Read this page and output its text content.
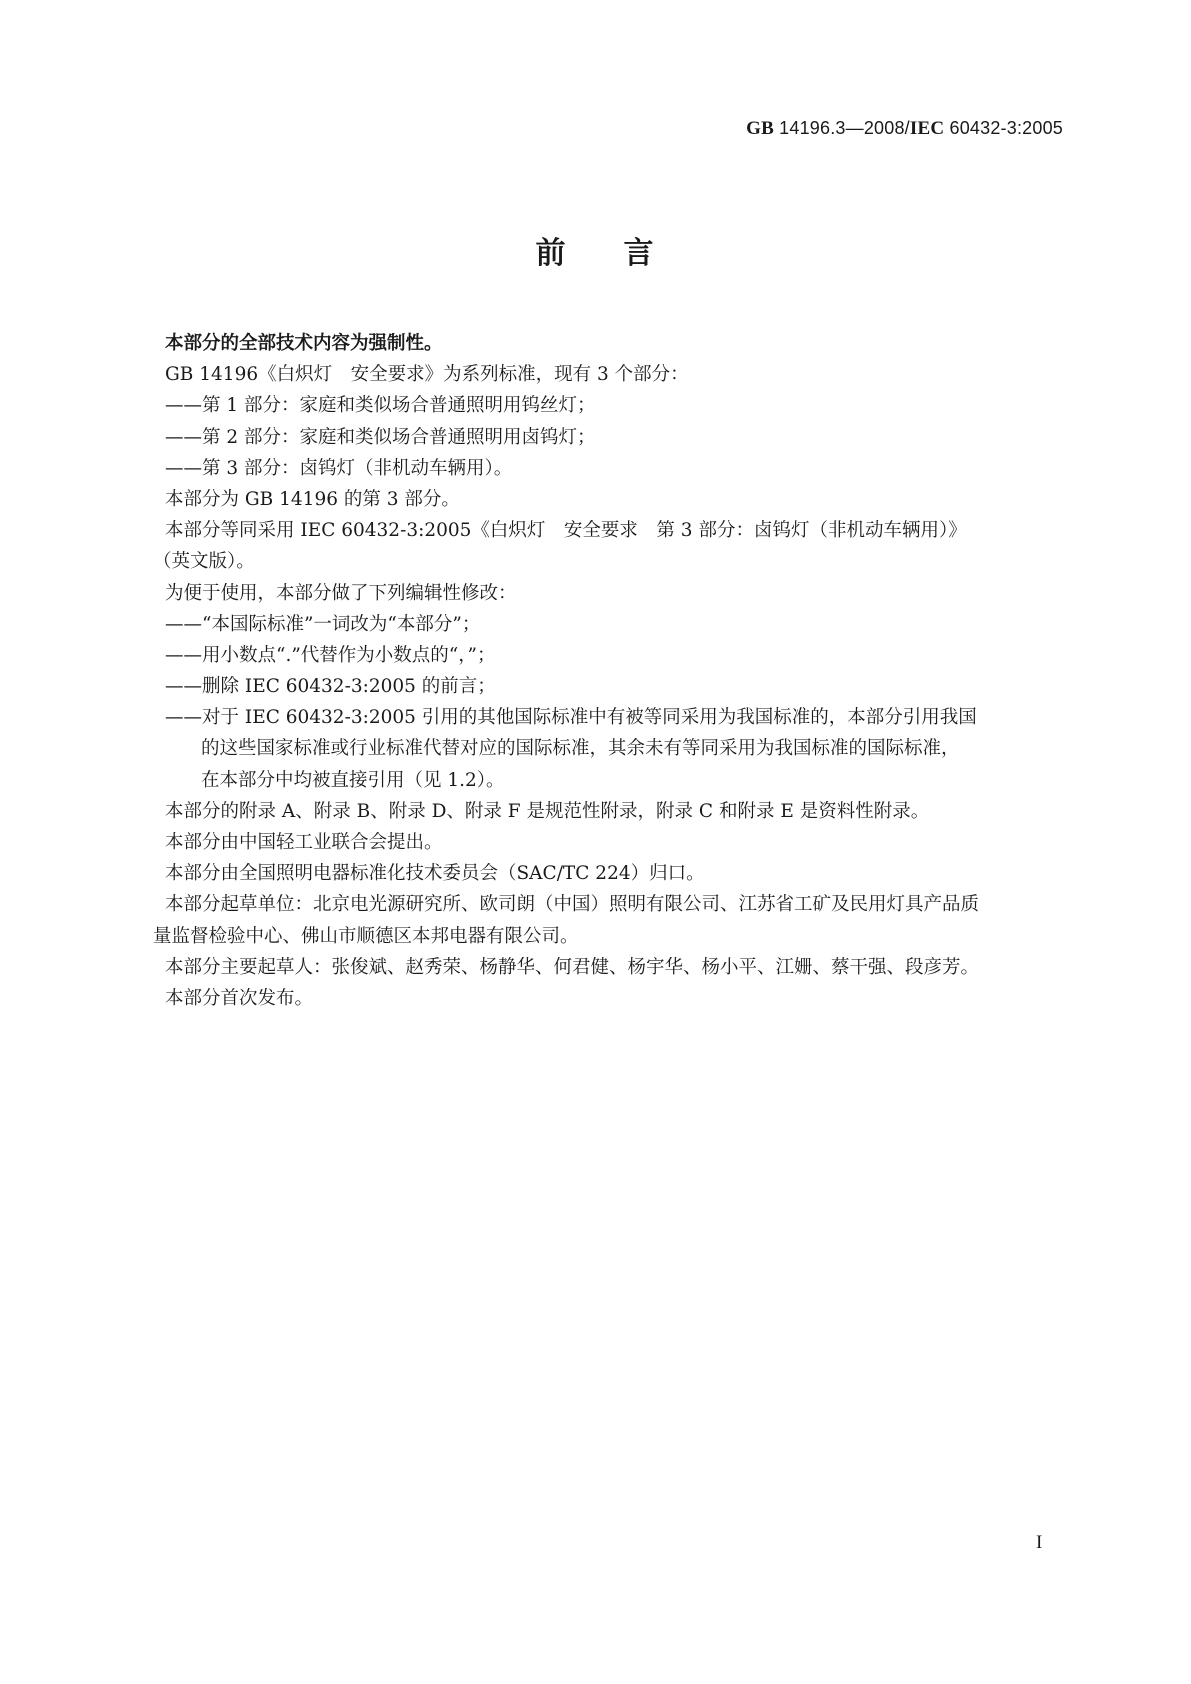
GB 14196.3—2008/IEC 60432-3:2005
前 言
本部分的全部技术内容为强制性。
GB 14196《白炽灯　安全要求》为系列标准，现有 3 个部分：
——第 1 部分：家庭和类似场合普通照明用钨丝灯；
——第 2 部分：家庭和类似场合普通照明用卤钨灯；
——第 3 部分：卤钨灯（非机动车辆用）。
本部分为 GB 14196 的第 3 部分。
本部分等同采用 IEC 60432-3:2005《白炽灯　安全要求　第 3 部分：卤钨灯（非机动车辆用）》
（英文版）。
为便于使用，本部分做了下列编辑性修改：
——“本国际标准”一词改为“本部分”；
——用小数点“.”代替作为小数点的“，”；
——删除 IEC 60432-3:2005 的前言；
——对于 IEC 60432-3:2005 引用的其他国际标准中有被等同采用为我国标准的，本部分引用我国
的这些国家标准或行业标准代替对应的国际标准，其余未有等同采用为我国标准的国际标准，
在本部分中均被直接引用（见 1.2）。
本部分的附录 A、附录 B、附录 D、附录 F 是规范性附录，附录 C 和附录 E 是资料性附录。
本部分由中国轻工业联合会提出。
本部分由全国照明电器标准化技术委员会（SAC/TC 224）归口。
本部分起草单位：北京电光源研究所、欧司朗（中国）照明有限公司、江苏省工矿及民用灯具产品质
量监督检验中心、佛山市顺德区本邦电器有限公司。
本部分主要起草人：张俊斌、赵秀荣、杨静华、何君健、杨宇华、杨小平、江姗、蔡干强、段彦芳。
本部分首次发布。
I
